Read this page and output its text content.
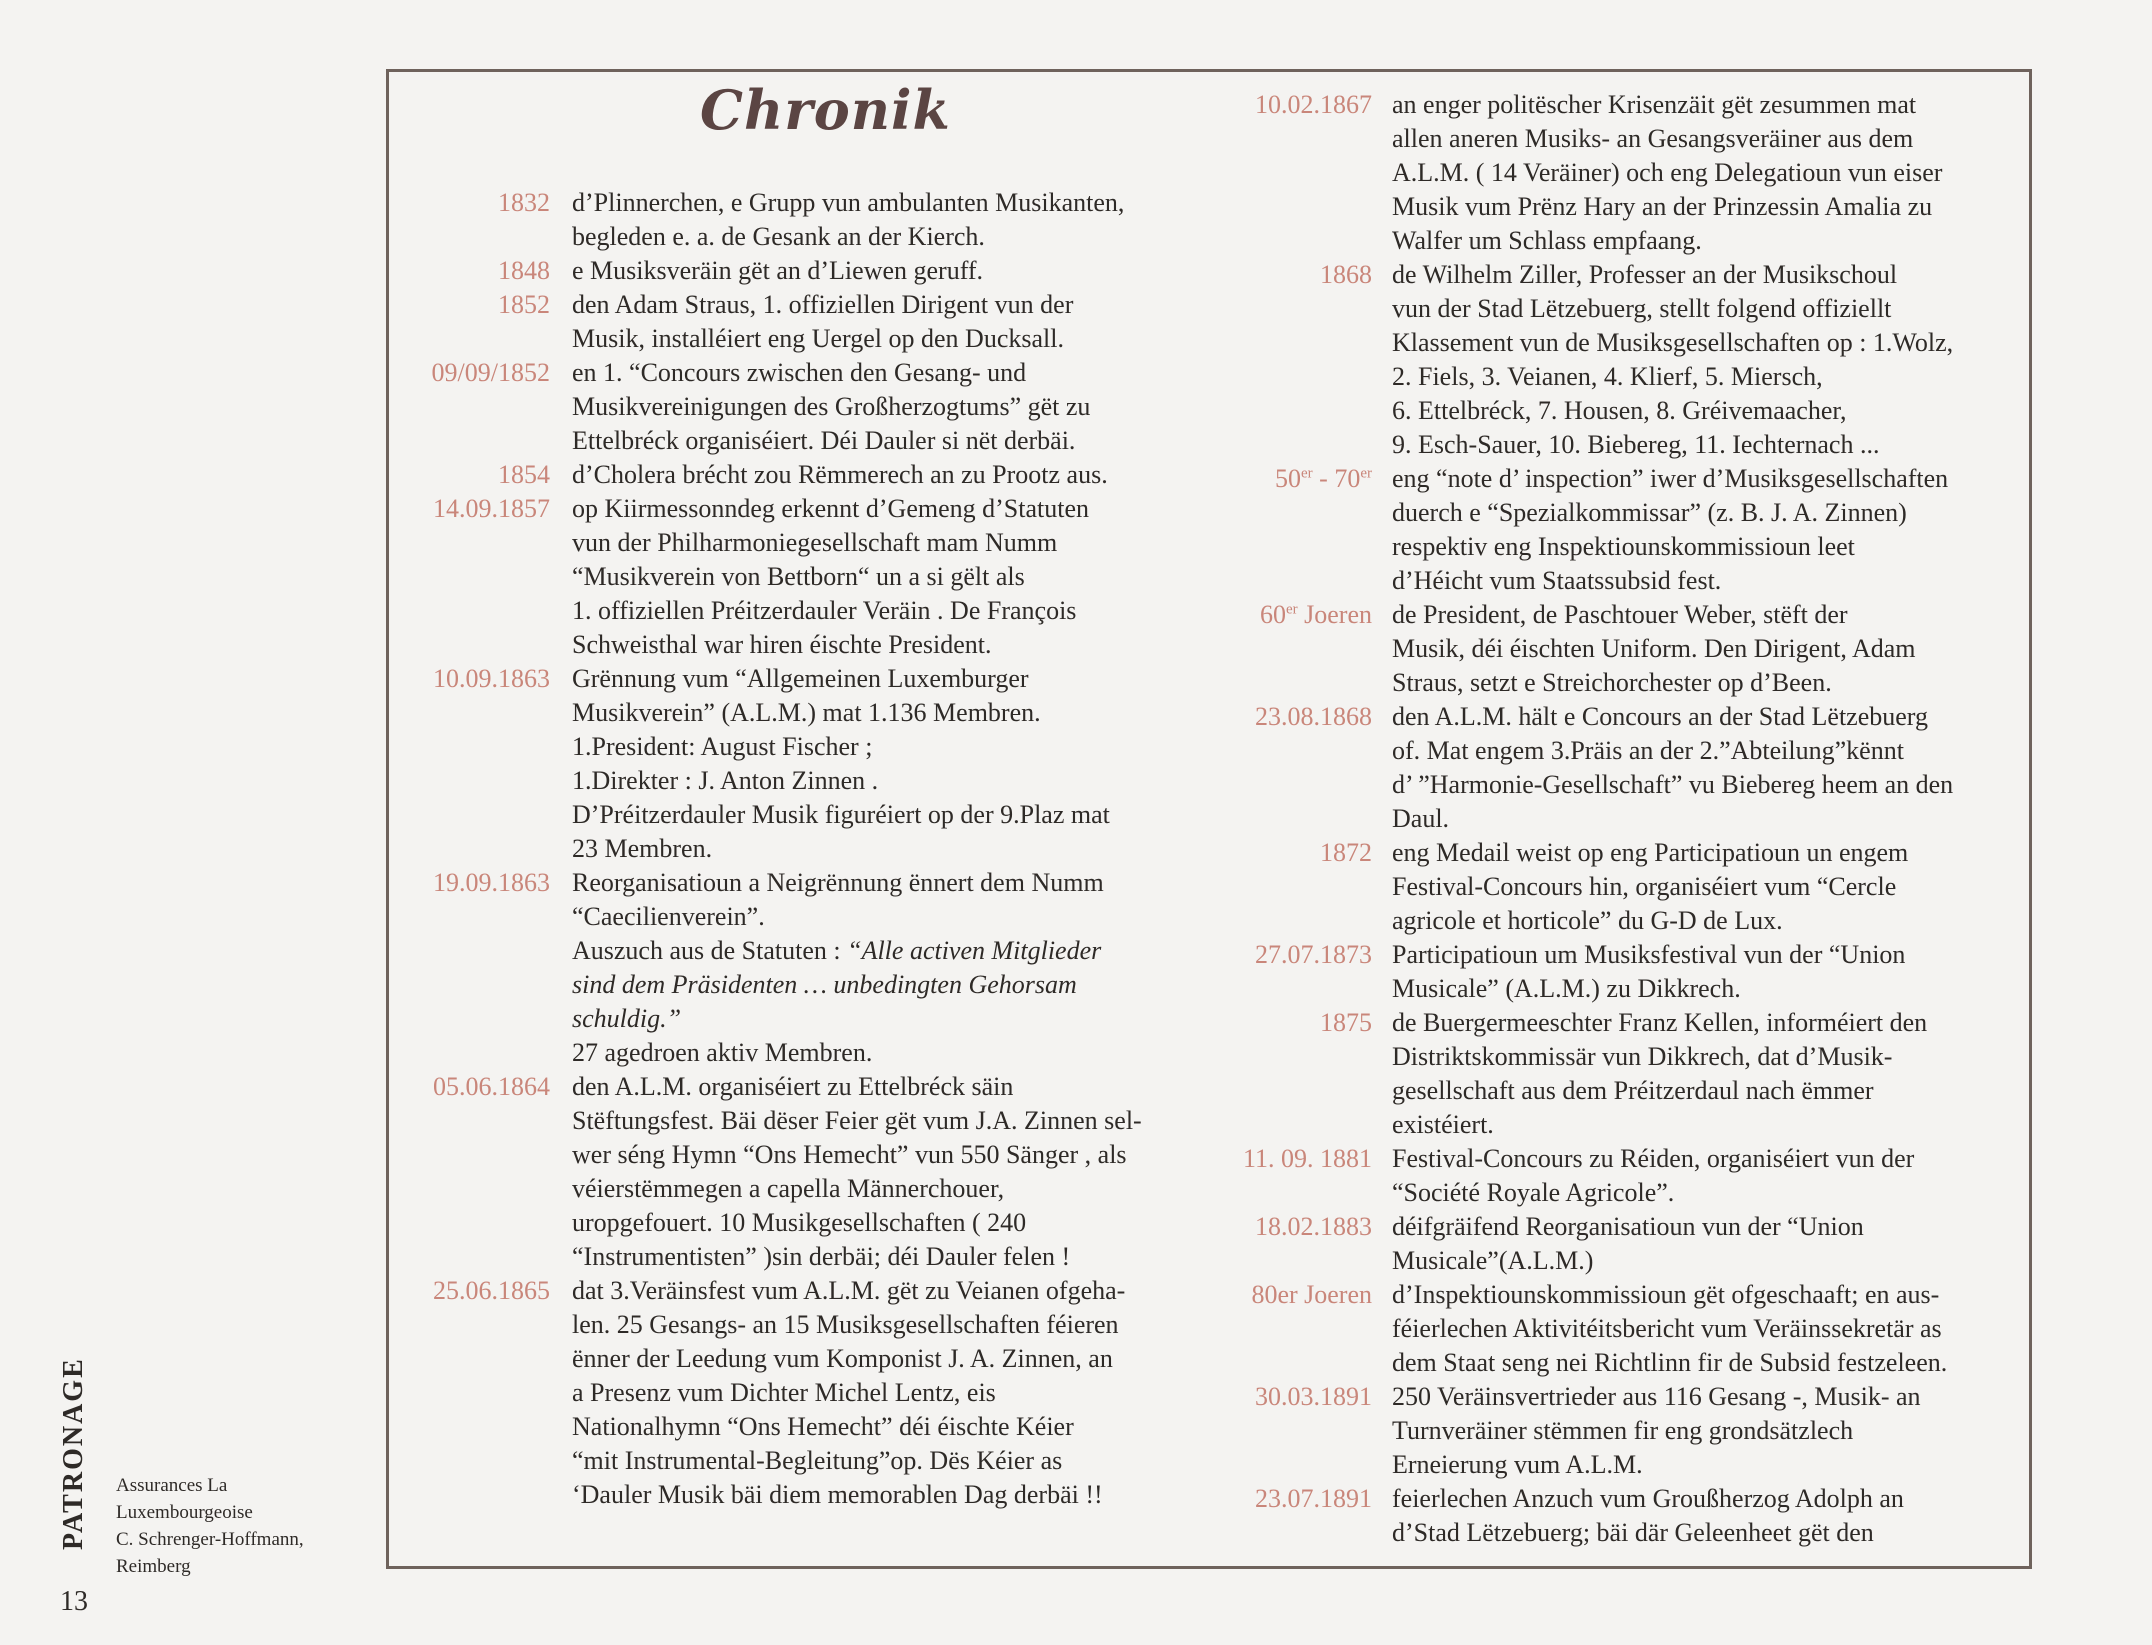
Chronik
1832 d’Plinnerchen, e Grupp vun ambulanten Musikanten,

begleden e. a. de Gesank an der Kierch.

1848 e Musiksveräin gët an d’Liewen geruff.

1852 den Adam Straus, 1. offiziellen Dirigent vun der

Musik, installéiert eng Uergel op den Ducksall.

09/09/1852 en 1. “Concours zwischen den Gesang- und

Musikvereinigungen des Großherzogtums” gët zu

Ettelbréck organiséiert. Déi Dauler si nët derbäi.

1854 d’Cholera brécht zou Rëmmerech an zu Prootz aus.

14.09.1857 op Kiirmessonndeg erkennt d’Gemeng d’Statuten

vun der Philharmoniegesellschaft mam Numm

“Musikverein von Bettborn“ un a si gëlt als

1. offiziellen Préitzerdauler Veräin . De François

Schweisthal war hiren éischte President.

10.09.1863 Grënnung vum “Allgemeinen Luxemburger

Musikverein” (A.L.M.) mat 1.136 Membren.

1.President: August Fischer ;

1.Direkter : J. Anton Zinnen .

D’Préitzerdauler Musik figuréiert op der 9.Plaz mat

23 Membren.

19.09.1863 Reorganisatioun a Neigrënnung ënnert dem Numm

“Caecilienverein”.

Auszuch aus de Statuten : “Alle activen Mitglieder

sind dem Präsidenten … unbedingten Gehorsam

schuldig.”

27 agedroen aktiv Membren.

05.06.1864 den A.L.M. organiséiert zu Ettelbréck säin

Stëftungsfest. Bäi dëser Feier gët vum J.A. Zinnen sel-

wer séng Hymn “Ons Hemecht” vun 550 Sänger , als

véierstëmmegen a capella Männerchouer,

uropgefouert. 10 Musikgesellschaften ( 240

“Instrumentisten” )sin derbäi; déi Dauler felen !

25.06.1865 dat 3.Veräinsfest vum A.L.M. gët zu Veianen ofgeha-

len. 25 Gesangs- an 15 Musiksgesellschaften féieren

ënner der Leedung vum Komponist J. A. Zinnen, an

a Presenz vum Dichter Michel Lentz, eis

Nationalhymn “Ons Hemecht” déi éischte Kéier

“mit Instrumental-Begleitung”op. Dës Kéier as

‘Dauler Musik bäi diem memorablen Dag derbäi !!

10.02.1867 an enger politëscher Krisenzäit gët zesummen mat

allen aneren Musiks- an Gesangsveräiner aus dem

A.L.M. ( 14 Veräiner) och eng Delegatioun vun eiser

Musik vum Prënz Hary an der Prinzessin Amalia zu

Walfer um Schlass empfaang.

1868 de Wilhelm Ziller, Professer an der Musikschoul

vun der Stad Lëtzebuerg, stellt folgend offiziellt

Klassement vun de Musiksgesellschaften op : 1.Wolz,

2. Fiels, 3. Veianen, 4. Klierf, 5. Miersch,

6. Ettelbréck, 7. Housen, 8. Gréivemaacher,

9. Esch-Sauer, 10. Biebereg, 11. Iechternach ...

50er - 70er eng “note d’ inspection” iwer d’Musiksgesellschaften

duerch e “Spezialkommissar” (z. B. J. A. Zinnen)

respektiv eng Inspektiounskommissioun leet

d’Héicht vum Staatssubsid fest.

60er Joeren de President, de Paschtouer Weber, stëft der

Musik, déi éischten Uniform. Den Dirigent, Adam

Straus, setzt e Streichorchester op d’Been.

23.08.1868 den A.L.M. hält e Concours an der Stad Lëtzebuerg

of. Mat engem 3.Präis an der 2.”Abteilung”kënnt

d’ ”Harmonie-Gesellschaft” vu Biebereg heem an den

Daul.

1872 eng Medail weist op eng Participatioun un engem

Festival-Concours hin, organiséiert vum “Cercle

agricole et horticole” du G-D de Lux.

27.07.1873 Participatioun um Musiksfestival vun der “Union

Musicale” (A.L.M.) zu Dikkrech.

1875 de Buergermeeschter Franz Kellen, informéiert den

Distriktskommissär vun Dikkrech, dat d’Musik-

gesellschaft aus dem Préitzerdaul nach ëmmer

existéiert.

11. 09. 1881 Festival-Concours zu Réiden, organiséiert vun der

“Société Royale Agricole”.

18.02.1883 déifgräifend Reorganisatioun vun der “Union

Musicale”(A.L.M.)

80er Joeren d’Inspektiounskommissioun gët ofgeschaaft; en aus-

féierlechen Aktivitéitsbericht vum Veräinssekretär as

dem Staat seng nei Richtlinn fir de Subsid festzeleen.

30.03.1891 250 Veräinsvertrieder aus 116 Gesang -, Musik- an

Turnveräiner stëmmen fir eng grondsätzlech

Erneierung vum A.L.M.

23.07.1891 feierlechen Anzuch vum Groußherzog Adolph an

d’Stad Lëtzebuerg; bäi där Geleenheet gët den

PATRONAGE Assurances La
Luxembourgeoise
C. Schrenger-Hoffmann,
Reimberg
13
